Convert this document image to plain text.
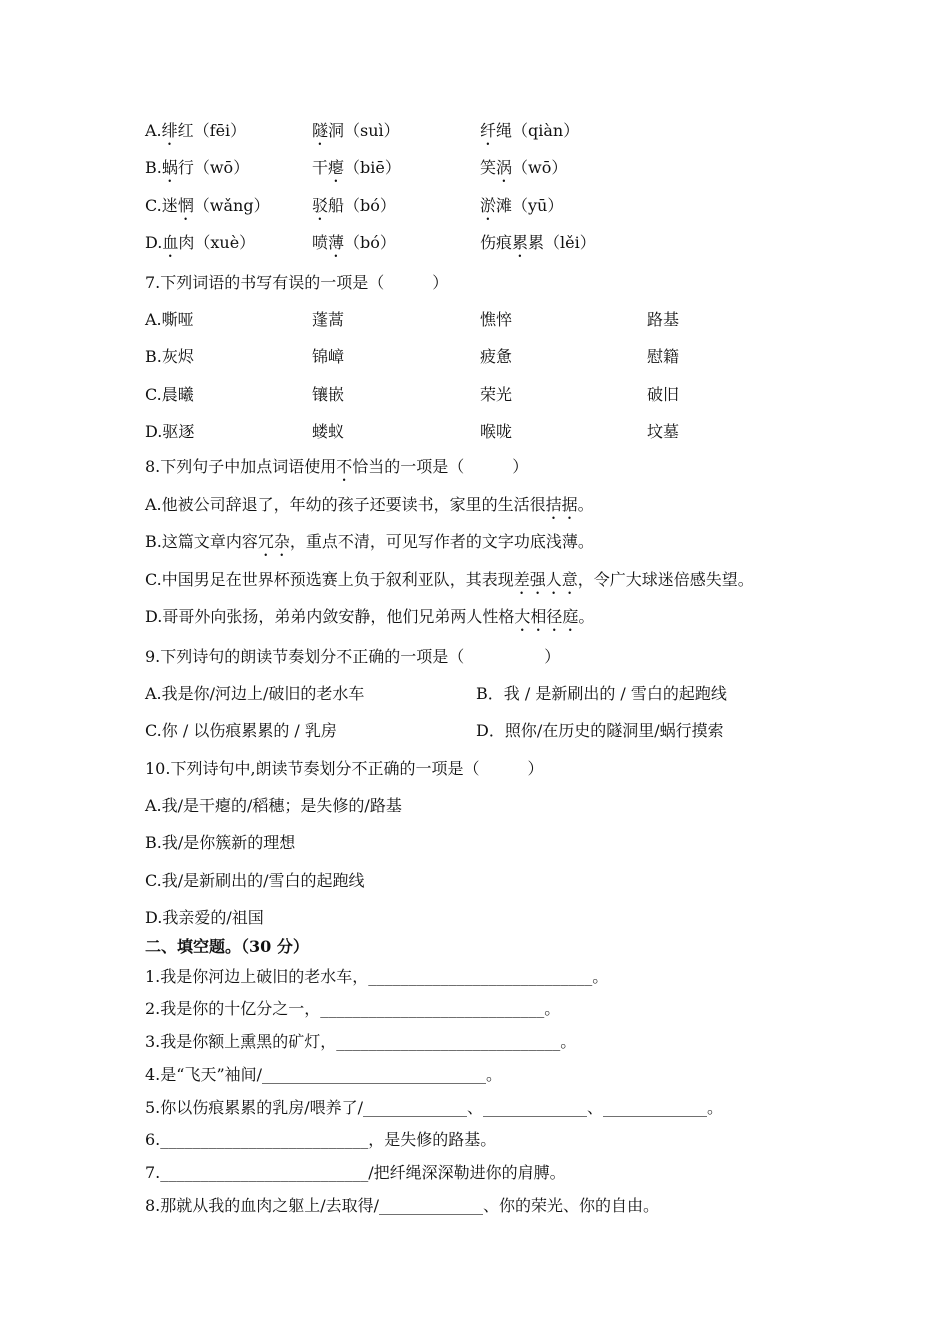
A.绯红（fēi）	隧洞（suì）	纤绳（qiàn）
B.蜗行（wō）	干瘪（biē）	笑涡（wō）
C.迷惘（wǎng）	驳船（bó）	淤滩（yū）
D.血肉（xuè）	喷薄（bó）	伤痕累累（lěi）
7.下列词语的书写有误的一项是（　　　）
A.嘶哑	蓬蒿	憔悴	路基
B.灰烬	锦嶂	疲惫	慰籍
C.晨曦	镶嵌	荣光	破旧
D.驱逐	蝼蚁	喉咙	坟墓
8.下列句子中加点词语使用不恰当的一项是（　　　）
A.他被公司辞退了，年幼的孩子还要读书，家里的生活很拮据。
B.这篇文章内容冗杂，重点不清，可见写作者的文字功底浅薄。
C.中国男足在世界杯预选赛上负于叙利亚队，其表现差强人意，令广大球迷倍感失望。
D.哥哥外向张扬，弟弟内敛安静，他们兄弟两人性格大相径庭。
9.下列诗句的朗读节奏划分不正确的一项是（　　　　　）
A.我是你/河边上/破旧的老水车	B．我 / 是新刷出的 / 雪白的起跑线
C.你 / 以伤痕累累的 / 乳房	D．照你/在历史的隧洞里/蜗行摸索
10.下列诗句中,朗读节奏划分不正确的一项是（　　　）
A.我/是干瘪的/稻穗；是失修的/路基
B.我/是你簇新的理想
C.我/是新刷出的/雪白的起跑线
D.我亲爱的/祖国
二、填空题。（30 分）
1.我是你河边上破旧的老水车，____________________________。
2.我是你的十亿分之一，____________________________。
3.我是你额上熏黑的矿灯，____________________________。
4.是“飞天”袖间/____________________________。
5.你以伤痕累累的乳房/喂养了/_____________、_____________、_____________。
6.__________________________，是失修的路基。
7.__________________________/把纤绳深深勒进你的肩膊。
8.那就从我的血肉之躯上/去取得/_____________、你的荣光、你的自由。
